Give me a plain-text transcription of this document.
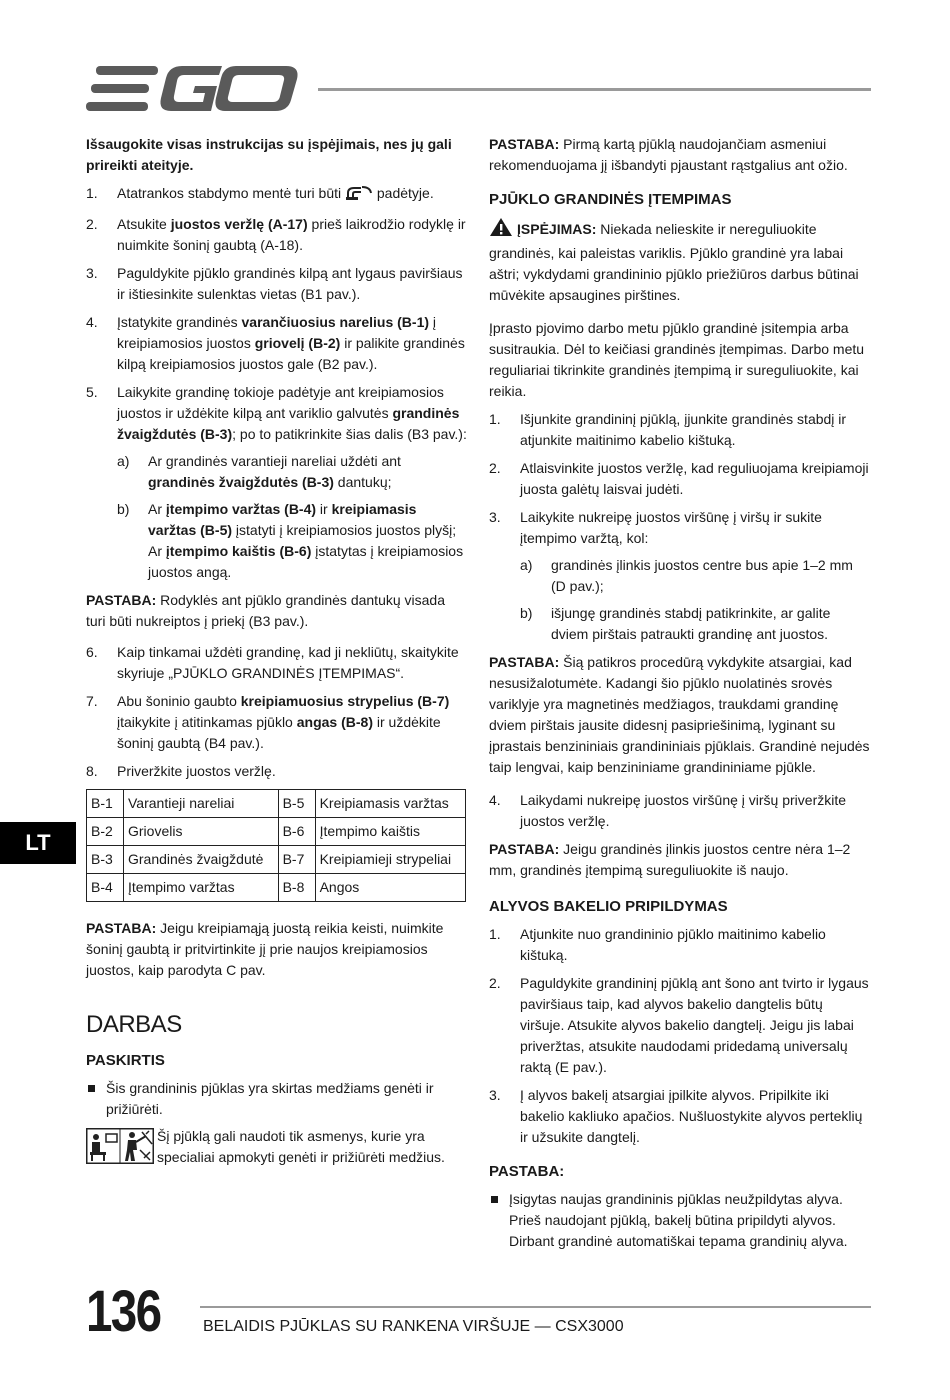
Išsaugokite visas instrukcijas su įspėjimais, nes jų gali prireikti ateityje.

1. Atatrankos stabdymo mentė turi būti  padėtyje.
2. Atsukite juostos veržlę (A-17) prieš laikrodžio rodyklę ir nuimkite šoninį gaubtą (A-18).
3. Paguldykite pjūklo grandinės kilpą ant lygaus paviršiaus ir ištiesinkite sulenktas vietas (B1 pav.).
4. Įstatykite grandinės varančiuosius narelius (B-1) į kreipiamosios juostos griovelį (B-2) ir palikite grandinės kilpą kreipiamosios juostos gale (B2 pav.).
5. Laikykite grandinę tokioje padėtyje ant kreipiamosios juostos ir uždėkite kilpą ant variklio galvutės grandinės žvaigždutės (B-3); po to patikrinkite šias dalis (B3 pav.):
a) Ar grandinės varantieji nareliai uždėti ant grandinės žvaigždutės (B-3) dantukų;
b) Ar įtempimo varžtas (B-4) ir kreipiamasis varžtas (B-5) įstatyti į kreipiamosios juostos plyšį; Ar įtempimo kaištis (B-6) įstatytas į kreipiamosios juostos angą.

PASTABA: Rodyklės ant pjūklo grandinės dantukų visada turi būti nukreiptos į priekį (B3 pav.).

6. Kaip tinkamai uždėti grandinę, kad ji nekliūtų, skaitykite skyriuje „PJŪKLO GRANDINĖS ĮTEMPIMAS“.
7. Abu šoninio gaubto kreipiamuosius strypelius (B-7) įtaikykite į atitinkamas pjūklo angas (B-8) ir uždėkite šoninį gaubtą (B4 pav.).
8. Priveržkite juostos veržlę.
B-1	Varantieji nareliai	B-5	Kreipiamasis varžtas
B-2	Griovelis	B-6	Įtempimo kaištis
B-3	Grandinės žvaigždutė	B-7	Kreipiamieji strypeliai
B-4	Įtempimo varžtas	B-8	Angos

PASTABA: Jeigu kreipiamąją juostą reikia keisti, nuimkite šoninį gaubtą ir pritvirtinkite jį prie naujos kreipiamosios juostos, kaip parodyta C pav.

DARBAS
PASKIRTIS
Šis grandininis pjūklas yra skirtas medžiams genėti ir prižiūrėti.
Šį pjūklą gali naudoti tik asmenys, kurie yra specialiai apmokyti genėti ir prižiūrėti medžius.

PASTABA: Pirmą kartą pjūklą naudojančiam asmeniui rekomenduojama jį išbandyti pjaustant rąstgalius ant ožio.

PJŪKLO GRANDINĖS ĮTEMPIMAS

ĮSPĖJIMAS: Niekada nelieskite ir nereguliuokite grandinės, kai paleistas variklis. Pjūklo grandinė yra labai aštri; vykdydami grandininio pjūklo priežiūros darbus būtinai mūvėkite apsaugines pirštines.

Įprasto pjovimo darbo metu pjūklo grandinė įsitempia arba susitraukia. Dėl to keičiasi grandinės įtempimas. Darbo metu reguliariai tikrinkite grandinės įtempimą ir sureguliuokite, kai reikia.

1. Išjunkite grandininį pjūklą, įjunkite grandinės stabdį ir atjunkite maitinimo kabelio kištuką.
2. Atlaisvinkite juostos veržlę, kad reguliuojama kreipiamoji juosta galėtų laisvai judėti.
3. Laikykite nukreipę juostos viršūnę į viršų ir sukite įtempimo varžtą, kol:
a) grandinės įlinkis juostos centre bus apie 1–2 mm (D pav.);
b) išjungę grandinės stabdį patikrinkite, ar galite dviem pirštais patraukti grandinę ant juostos.

PASTABA: Šią patikros procedūrą vykdykite atsargiai, kad nesusižalotumėte. Kadangi šio pjūklo nuolatinės srovės variklyje yra magnetinės medžiagos, traukdami grandinę dviem pirštais jausite didesnį pasipriešinimą, lyginant su įprastais benzininiais grandininiais pjūklais. Grandinė nejudės taip lengvai, kaip benzininiame grandininiame pjūkle.

4. Laikydami nukreipę juostos viršūnę į viršų priveržkite juostos veržlę.

PASTABA: Jeigu grandinės įlinkis juostos centre nėra 1–2 mm, grandinės įtempimą sureguliuokite iš naujo.

ALYVOS BAKELIO PRIPILDYMAS
1. Atjunkite nuo grandininio pjūklo maitinimo kabelio kištuką.
2. Paguldykite grandininį pjūklą ant šono ant tvirto ir lygaus paviršiaus taip, kad alyvos bakelio dangtelis būtų viršuje. Atsukite alyvos bakelio dangtelį. Jeigu jis labai priveržtas, atsukite naudodami pridedamą universalų raktą (E pav.).
3. Į alyvos bakelį atsargiai įpilkite alyvos. Pripilkite iki bakelio kakliuko apačios. Nušluostykite alyvos perteklių ir užsukite dangtelį.
PASTABA:
Įsigytas naujas grandininis pjūklas neužpildytas alyva. Prieš naudojant pjūklą, bakelį būtina pripildyti alyvos. Dirbant grandinė automatiškai tepama grandinių alyva.
LT
136	BELAIDIS PJŪKLAS SU RANKENA VIRŠUJE — CSX3000
